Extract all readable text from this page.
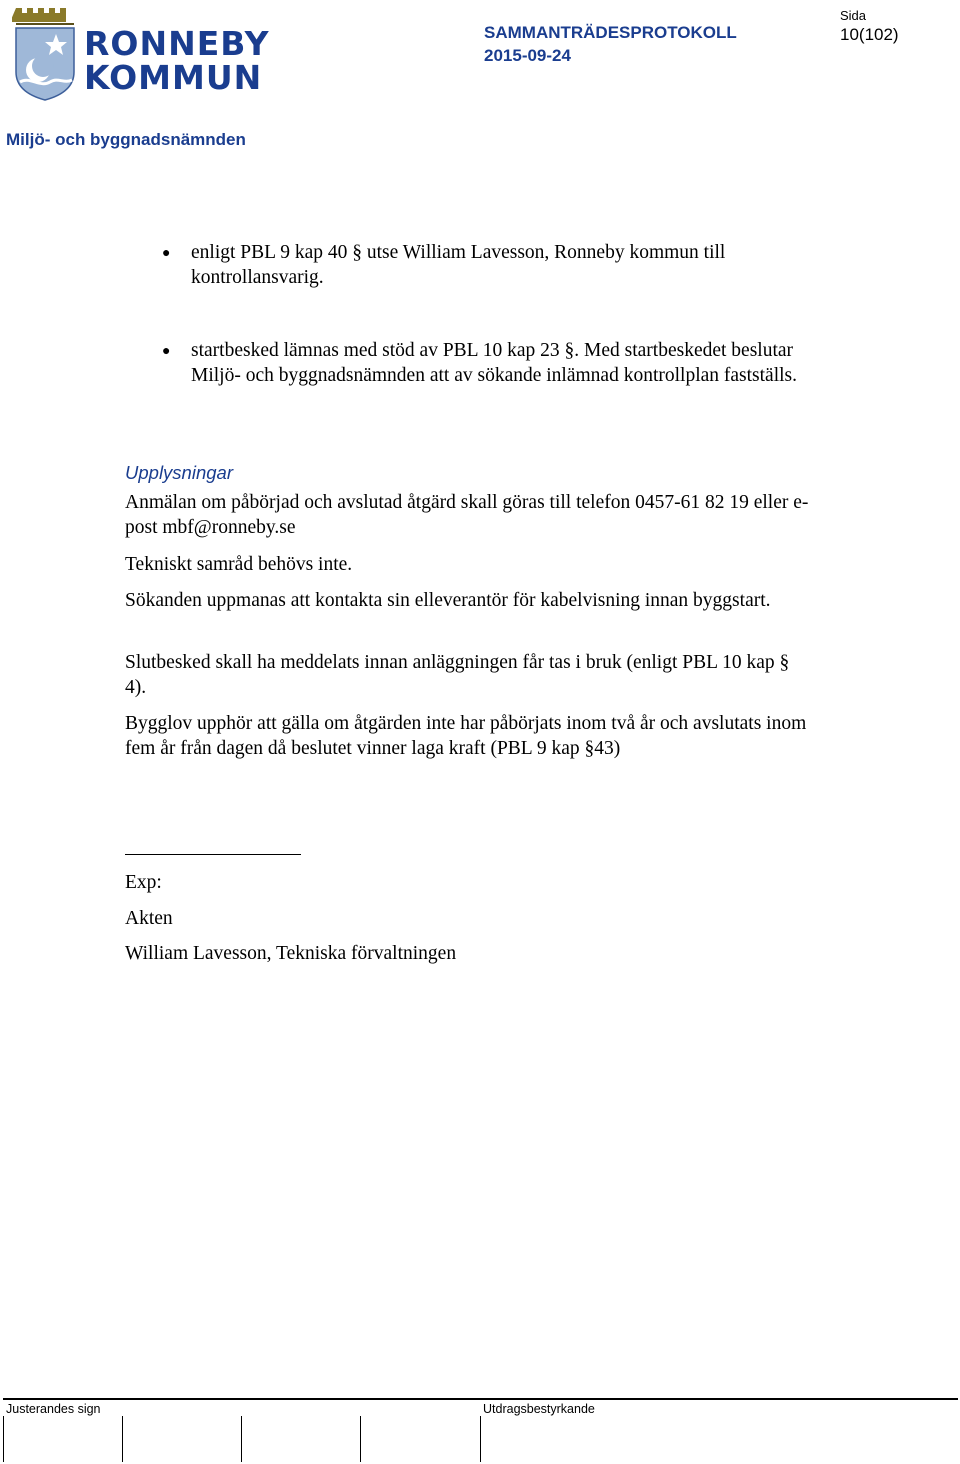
RONNEBY
KOMMUN
SAMMANTRÄDESPROTOKOLL
2015-09-24
Sida
10(102)
Miljö- och byggnadsnämnden
● enligt PBL 9 kap 40 § utse William Lavesson, Ronneby kommun till kontrollansvarig.
● startbesked lämnas med stöd av PBL 10 kap 23 §. Med startbeskedet beslutar Miljö- och byggnadsnämnden att av sökande inlämnad kontrollplan fastställs.
Upplysningar
Anmälan om påbörjad och avslutad åtgärd skall göras till telefon 0457-61 82 19 eller e-post mbf@ronneby.se
Tekniskt samråd behövs inte.
Sökanden uppmanas att kontakta sin elleverantör för kabelvisning innan byggstart.
Slutbesked skall ha meddelats innan anläggningen får tas i bruk (enligt PBL 10 kap § 4).
Bygglov upphör att gälla om åtgärden inte har påbörjats inom två år och avslutats inom fem år från dagen då beslutet vinner laga kraft (PBL 9 kap §43)
Exp:
Akten
William Lavesson, Tekniska förvaltningen
Justerandes sign	Utdragsbestyrkande
